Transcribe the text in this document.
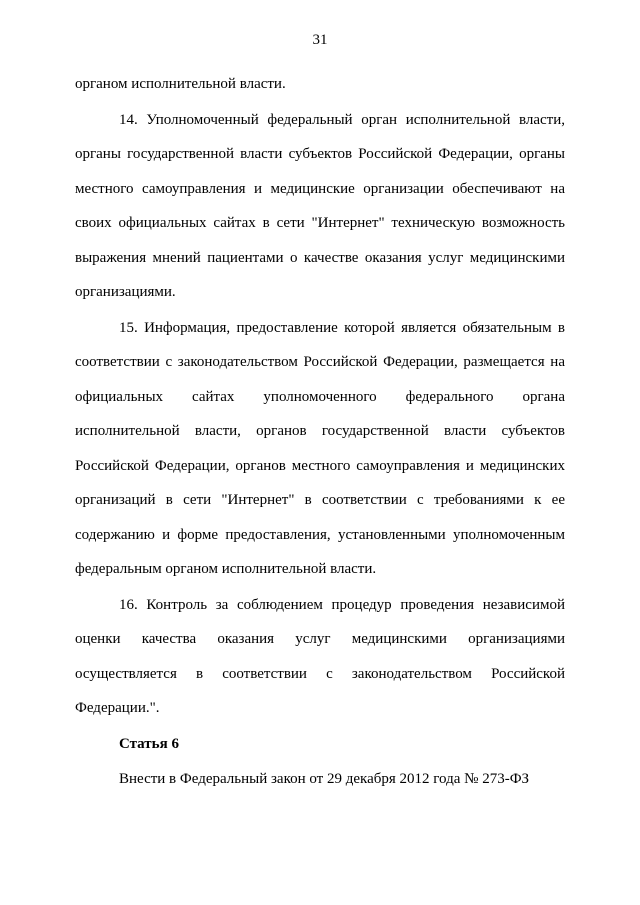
31

органом исполнительной власти.

14. Уполномоченный федеральный орган исполнительной власти, органы государственной власти субъектов Российской Федерации, органы местного самоуправления и медицинские организации обеспечивают на своих официальных сайтах в сети "Интернет" техническую возможность выражения мнений пациентами о качестве оказания услуг медицинскими организациями.

15. Информация, предоставление которой является обязательным в соответствии с законодательством Российской Федерации, размещается на официальных сайтах уполномоченного федерального органа исполнительной власти, органов государственной власти субъектов Российской Федерации, органов местного самоуправления и медицинских организаций в сети "Интернет" в соответствии с требованиями к ее содержанию и форме предоставления, установленными уполномоченным федеральным органом исполнительной власти.

16. Контроль за соблюдением процедур проведения независимой оценки качества оказания услуг медицинскими организациями осуществляется в соответствии с законодательством Российской Федерации.".

Статья 6

Внести в Федеральный закон от 29 декабря 2012 года № 273-ФЗ
